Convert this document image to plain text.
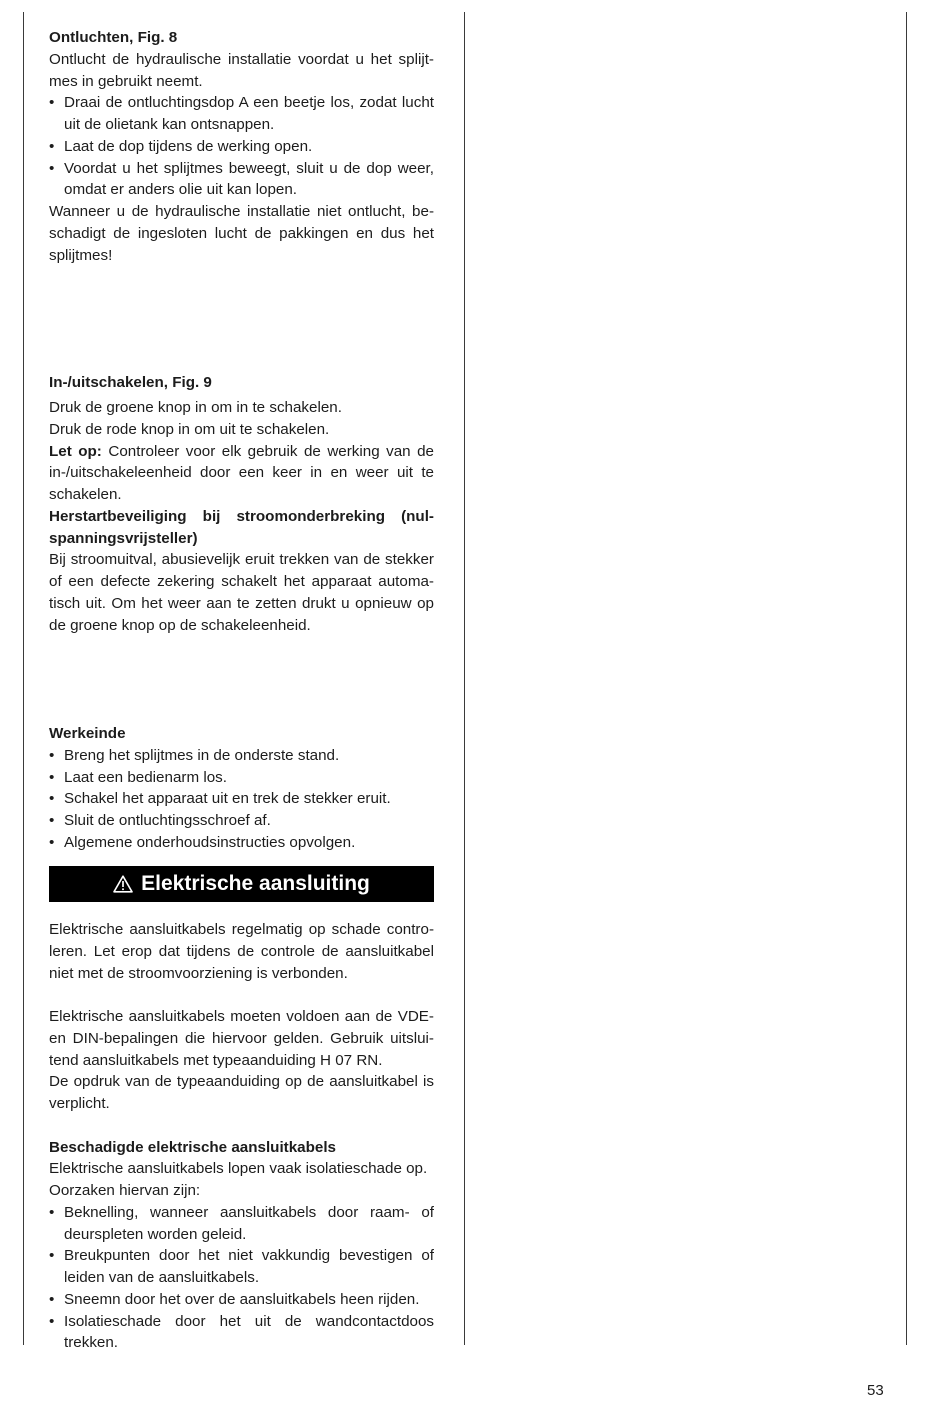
Ontluchten, Fig. 8
Ontlucht de hydraulische installatie voordat u het splijt-
mes in gebruikt neemt.
• Draai de ontluchtingsdop A een beetje los, zodat lucht
uit de olietank kan ontsnappen.
• Laat de dop tijdens de werking open.
• Voordat u het splijtmes beweegt, sluit u de dop weer,
omdat er anders olie uit kan lopen.
Wanneer u de hydraulische installatie niet ontlucht, be-
schadigt de ingesloten lucht de pakkingen en dus het
splijtmes!
In-/uitschakelen, Fig. 9
Druk de groene knop in om in te schakelen.
Druk de rode knop in om uit te schakelen.
Let op: Controleer voor elk gebruik de werking van de
in-/uitschakeleenheid door een keer in en weer uit te
schakelen.
Herstartbeveiliging bij stroomonderbreking (nul-
spanningsvrijsteller)
Bij stroomuitval, abusievelijk eruit trekken van de stekker
of een defecte zekering schakelt het apparaat automa-
tisch uit. Om het weer aan te zetten drukt u opnieuw op
de groene knop op de schakeleenheid.
Werkeinde
• Breng het splijtmes in de onderste stand.
• Laat een bedienarm los.
• Schakel het apparaat uit en trek de stekker eruit.
• Sluit de ontluchtingsschroef af.
• Algemene onderhoudsinstructies opvolgen.
Elektrische aansluiting
Elektrische aansluitkabels regelmatig op schade contro-
leren. Let erop dat tijdens de controle de aansluitkabel
niet met de stroomvoorziening is verbonden.
Elektrische aansluitkabels moeten voldoen aan de VDE-
en DIN-bepalingen die hiervoor gelden. Gebruik uitslui-
tend aansluitkabels met typeaanduiding H 07 RN.
De opdruk van de typeaanduiding op de aansluitkabel is
verplicht.
Beschadigde elektrische aansluitkabels
Elektrische aansluitkabels lopen vaak isolatieschade op.
Oorzaken hiervan zijn:
• Beknelling, wanneer aansluitkabels door raam- of
deurspleten worden geleid.
• Breukpunten door het niet vakkundig bevestigen of
leiden van de aansluitkabels.
• Sneemn door het over de aansluitkabels heen rijden.
• Isolatieschade door het uit de wandcontactdoos
trekken.
53
